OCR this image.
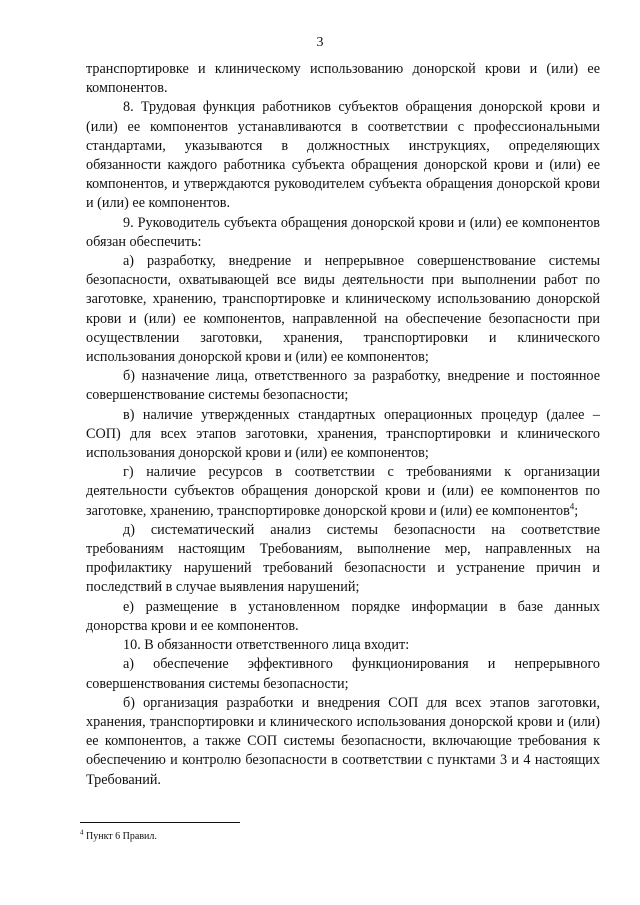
3

транспортировке и клиническому использованию донорской крови и (или) ее компонентов.

8. Трудовая функция работников субъектов обращения донорской крови и (или) ее компонентов устанавливаются в соответствии с профессиональными стандартами, указываются в должностных инструкциях, определяющих обязанности каждого работника субъекта обращения донорской крови и (или) ее компонентов, и утверждаются руководителем субъекта обращения донорской крови и (или) ее компонентов.

9. Руководитель субъекта обращения донорской крови и (или) ее компонентов обязан обеспечить:

а) разработку, внедрение и непрерывное совершенствование системы безопасности, охватывающей все виды деятельности при выполнении работ по заготовке, хранению, транспортировке и клиническому использованию донорской крови и (или) ее компонентов, направленной на обеспечение безопасности при осуществлении заготовки, хранения, транспортировки и клинического использования донорской крови и (или) ее компонентов;

б) назначение лица, ответственного за разработку, внедрение и постоянное совершенствование системы безопасности;

в) наличие утвержденных стандартных операционных процедур (далее – СОП) для всех этапов заготовки, хранения, транспортировки и клинического использования донорской крови и (или) ее компонентов;

г) наличие ресурсов в соответствии с требованиями к организации деятельности субъектов обращения донорской крови и (или) ее компонентов по заготовке, хранению, транспортировке донорской крови и (или) ее компонентов$^4$;

д) систематический анализ системы безопасности на соответствие требованиям настоящим Требованиям, выполнение мер, направленных на профилактику нарушений требований безопасности и устранение причин и последствий в случае выявления нарушений;

е) размещение в установленном порядке информации в базе данных донорства крови и ее компонентов.

10. В обязанности ответственного лица входит:

а) обеспечение эффективного функционирования и непрерывного совершенствования системы безопасности;

б) организация разработки и внедрения СОП для всех этапов заготовки, хранения, транспортировки и клинического использования донорской крови и (или) ее компонентов, а также СОП системы безопасности, включающие требования к обеспечению и контролю безопасности в соответствии с пунктами 3 и 4 настоящих Требований.

$^4$ Пункт 6 Правил.
